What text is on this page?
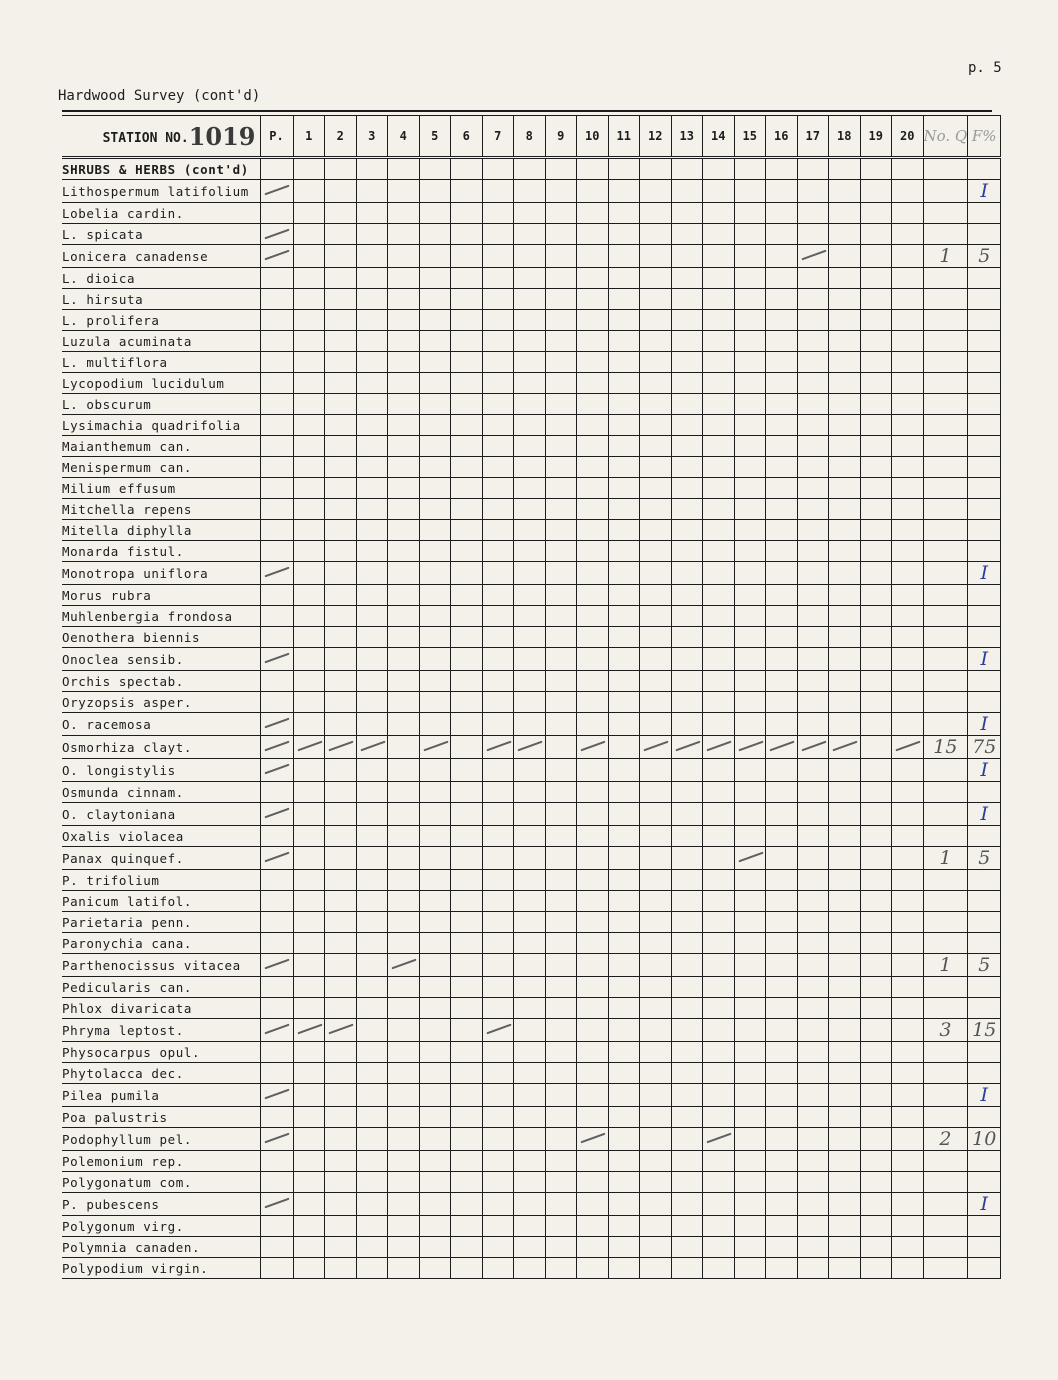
p. 5
Hardwood Survey (cont'd)
STATION NO.1019	P.	1	2	3	4	5	6	7	8	9	10	11	12	13	14	15	16	17	18	19	20	No. Q	F%

SHRUBS & HERBS (cont'd)																							
Lithospermum latifolium																							I
Lobelia cardin.																							
L. spicata	

Lonicera canadense																						1	5
L. dioica																							
L. hirsuta																							
L. prolifera																							
Luzula acuminata																							
L. multiflora																							
Lycopodium lucidulum																							
L. obscurum																							
Lysimachia quadrifolia																							
Maianthemum can.																							
Menispermum can.																							
Milium effusum																							
Mitchella repens																							
Mitella diphylla																							
Monarda fistul.																							
Monotropa uniflora																							I
Morus rubra																							
Muhlenbergia frondosa																							
Oenothera biennis																							
Onoclea sensib.																							I
Orchis spectab.																							
Oryzopsis asper.																							
O. racemosa																							I
Osmorhiza clayt.																						15	75
O. longistylis																							I
Osmunda cinnam.																							
O. claytoniana																							I
Oxalis violacea																							
Panax quinquef.																						1	5
P. trifolium																							
Panicum latifol.																							
Parietaria penn.																							
Paronychia cana.																							
Parthenocissus vitacea																						1	5
Pedicularis can.																							
Phlox divaricata																							
Phryma leptost.																						3	15
Physocarpus opul.																							
Phytolacca dec.																							
Pilea pumila																							I
Poa palustris																							
Podophyllum pel.																						2	10
Polemonium rep.																							
Polygonatum com.																							
P. pubescens																							I
Polygonum virg.																							
Polymnia canaden.																							
Polypodium virgin.																							
